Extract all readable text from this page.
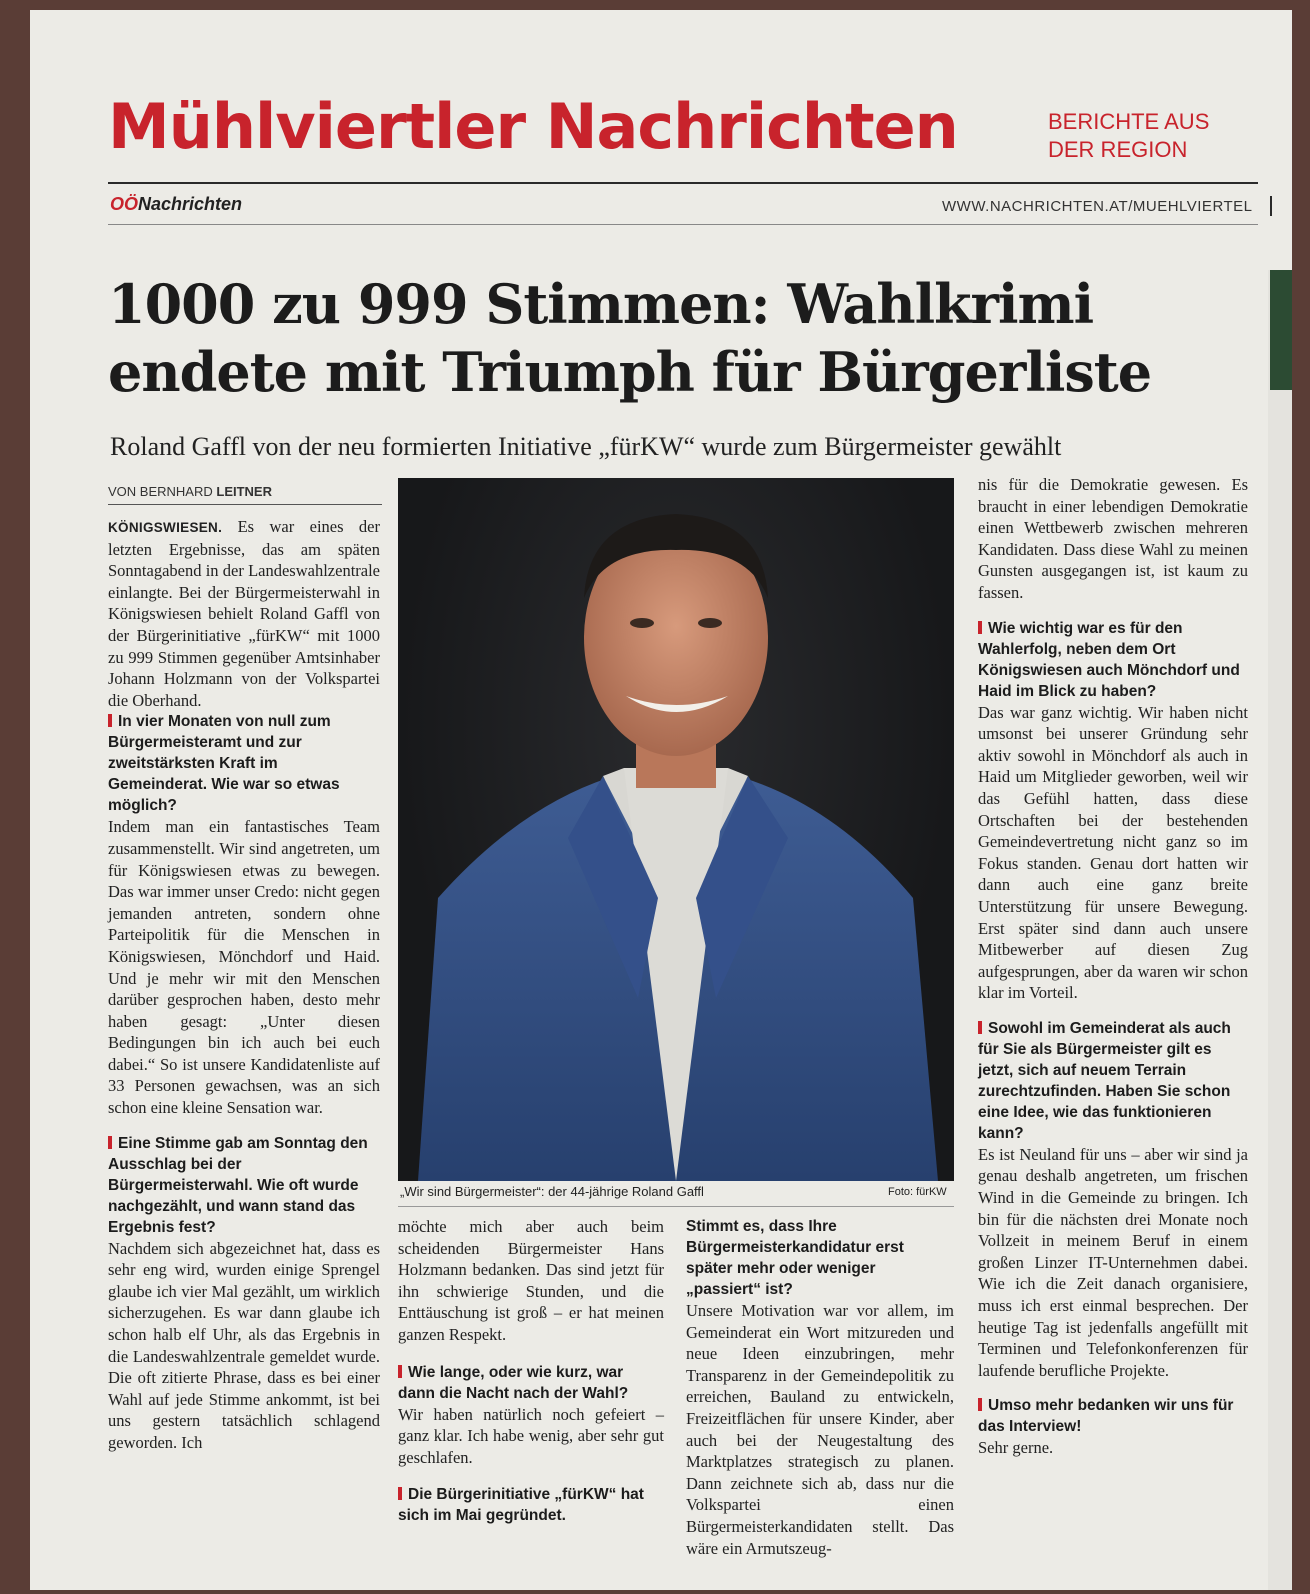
Mühlviertler Nachrichten	BERICHTE AUS
DER REGION
OÖNachrichten	WWW.NACHRICHTEN.AT/MUEHLVIERTEL
1000 zu 999 Stimmen: Wahlkrimi
endete mit Triumph für Bürgerliste
Roland Gaffl von der neu formierten Initiative „fürKW“ wurde zum Bürgermeister gewählt
VON BERNHARD LEITNER

KÖNIGSWIESEN. Es war eines der letzten Ergebnisse, das am späten Sonntagabend in der Landeswahlzentrale einlangte. Bei der Bürgermeisterwahl in Königswiesen behielt Roland Gaffl von der Bürgerinitiative „fürKW“ mit 1000 zu 999 Stimmen gegenüber Amtsinhaber Johann Holzmann von der Volkspartei die Oberhand.

In vier Monaten von null zum Bürgermeisteramt und zur zweitstärksten Kraft im Gemeinderat. Wie war so etwas möglich?

Indem man ein fantastisches Team zusammenstellt. Wir sind angetreten, um für Königswiesen etwas zu bewegen. Das war immer unser Credo: nicht gegen jemanden antreten, sondern ohne Parteipolitik für die Menschen in Königswiesen, Mönchdorf und Haid. Und je mehr wir mit den Menschen darüber gesprochen haben, desto mehr haben gesagt: „Unter diesen Bedingungen bin ich auch bei euch dabei.“ So ist unsere Kandidatenliste auf 33 Personen gewachsen, was an sich schon eine kleine Sensation war.

Eine Stimme gab am Sonntag den Ausschlag bei der Bürgermeisterwahl. Wie oft wurde nachgezählt, und wann stand das Ergebnis fest?

Nachdem sich abgezeichnet hat, dass es sehr eng wird, wurden einige Sprengel glaube ich vier Mal gezählt, um wirklich sicherzugehen. Es war dann glaube ich schon halb elf Uhr, als das Ergebnis in die Landeswahlzentrale gemeldet wurde. Die oft zitierte Phrase, dass es bei einer Wahl auf jede Stimme ankommt, ist bei uns gestern tatsächlich schlagend geworden. Ich

„Wir sind Bürgermeister“: der 44-jährige Roland Gaffl	Foto: fürKW

möchte mich aber auch beim scheidenden Bürgermeister Hans Holzmann bedanken. Das sind jetzt für ihn schwierige Stunden, und die Enttäuschung ist groß – er hat meinen ganzen Respekt.

Wie lange, oder wie kurz, war dann die Nacht nach der Wahl?

Wir haben natürlich noch gefeiert – ganz klar. Ich habe wenig, aber sehr gut geschlafen.

Die Bürgerinitiative „fürKW“ hat sich im Mai gegründet.

Stimmt es, dass Ihre Bürgermeisterkandidatur erst später mehr oder weniger „passiert“ ist?

Unsere Motivation war vor allem, im Gemeinderat ein Wort mitzureden und neue Ideen einzubringen, mehr Transparenz in der Gemeindepolitik zu erreichen, Bauland zu entwickeln, Freizeitflächen für unsere Kinder, aber auch bei der Neugestaltung des Marktplatzes strategisch zu planen. Dann zeichnete sich ab, dass nur die Volkspartei einen Bürgermeisterkandidaten stellt. Das wäre ein Armutszeug-

nis für die Demokratie gewesen. Es braucht in einer lebendigen Demokratie einen Wettbewerb zwischen mehreren Kandidaten. Dass diese Wahl zu meinen Gunsten ausgegangen ist, ist kaum zu fassen.

Wie wichtig war es für den Wahlerfolg, neben dem Ort Königswiesen auch Mönchdorf und Haid im Blick zu haben?

Das war ganz wichtig. Wir haben nicht umsonst bei unserer Gründung sehr aktiv sowohl in Mönchdorf als auch in Haid um Mitglieder geworben, weil wir das Gefühl hatten, dass diese Ortschaften bei der bestehenden Gemeindevertretung nicht ganz so im Fokus standen. Genau dort hatten wir dann auch eine ganz breite Unterstützung für unsere Bewegung. Erst später sind dann auch unsere Mitbewerber auf diesen Zug aufgesprungen, aber da waren wir schon klar im Vorteil.

Sowohl im Gemeinderat als auch für Sie als Bürgermeister gilt es jetzt, sich auf neuem Terrain zurechtzufinden. Haben Sie schon eine Idee, wie das funktionieren kann?

Es ist Neuland für uns – aber wir sind ja genau deshalb angetreten, um frischen Wind in die Gemeinde zu bringen. Ich bin für die nächsten drei Monate noch Vollzeit in meinem Beruf in einem großen Linzer IT-Unternehmen dabei. Wie ich die Zeit danach organisiere, muss ich erst einmal besprechen. Der heutige Tag ist jedenfalls angefüllt mit Terminen und Telefonkonferenzen für laufende berufliche Projekte.

Umso mehr bedanken wir uns für das Interview!

Sehr gerne.
